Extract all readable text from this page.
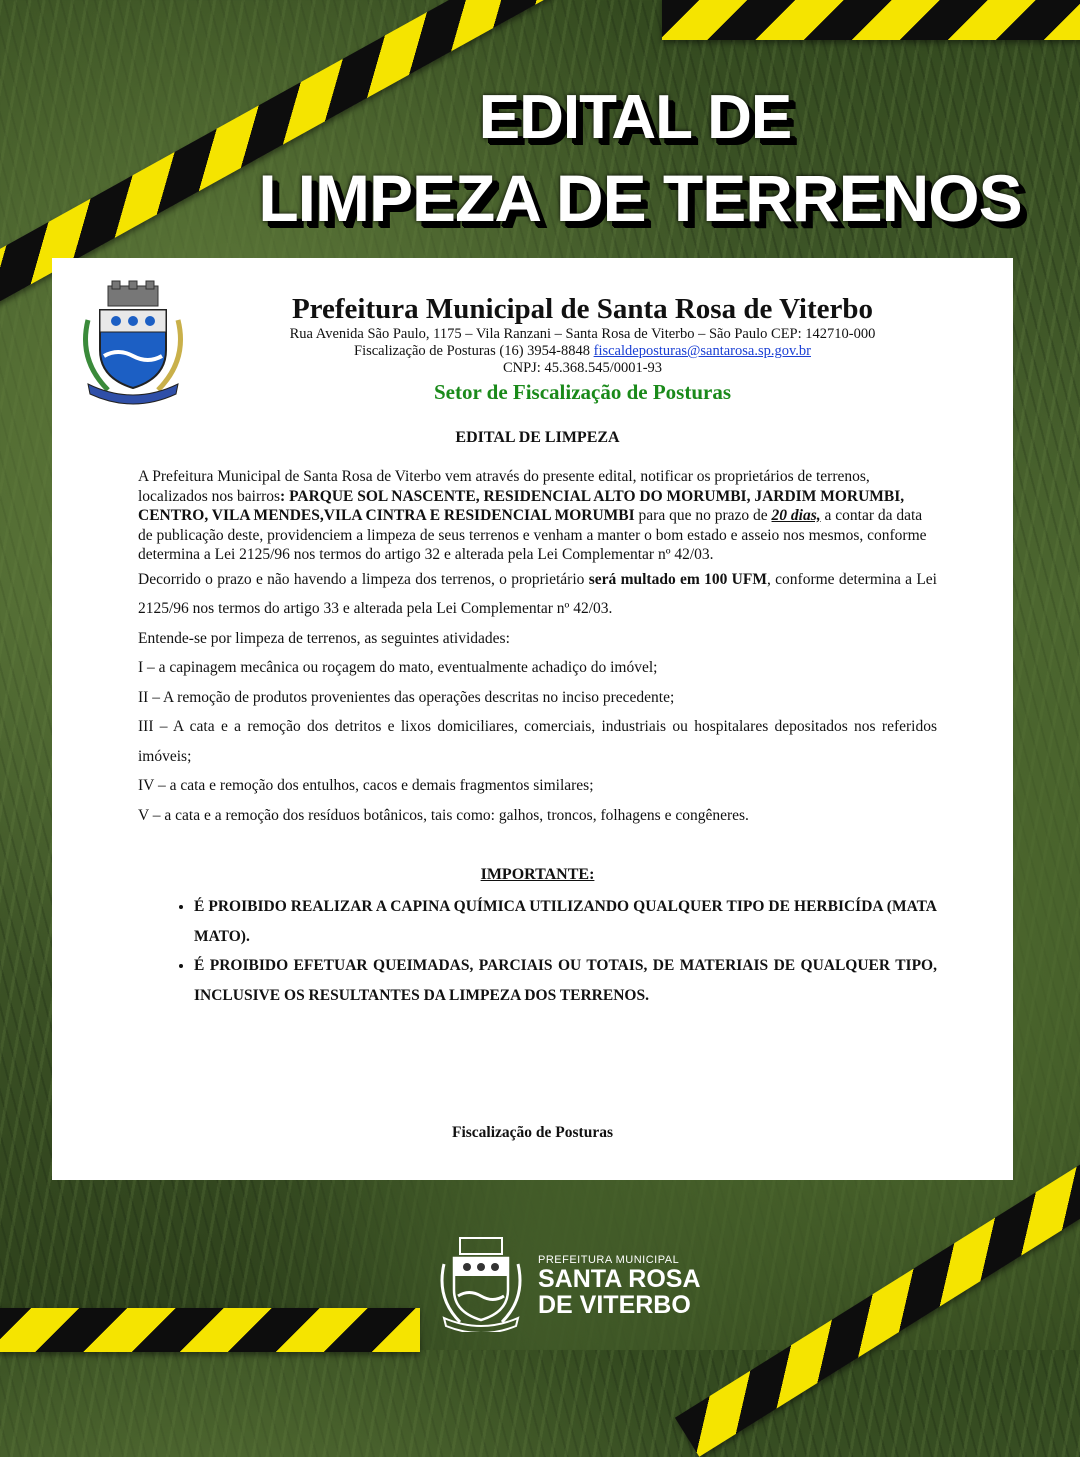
EDITAL DE
LIMPEZA DE TERRENOS
Prefeitura Municipal de Santa Rosa de Viterbo
Rua Avenida São Paulo, 1175 – Vila Ranzani – Santa Rosa de Viterbo – São Paulo CEP: 142710-000
Fiscalização de Posturas (16) 3954-8848 fiscaldeposturas@santarosa.sp.gov.br
CNPJ: 45.368.545/0001-93
Setor de Fiscalização de Posturas
EDITAL DE LIMPEZA

A Prefeitura Municipal de Santa Rosa de Viterbo vem através do presente edital, notificar os proprietários de terrenos, localizados nos bairros: PARQUE SOL NASCENTE, RESIDENCIAL ALTO DO MORUMBI, JARDIM MORUMBI, CENTRO, VILA MENDES,VILA CINTRA E RESIDENCIAL MORUMBI para que no prazo de 20 dias, a contar da data de publicação deste, providenciem a limpeza de seus terrenos e venham a manter o bom estado e asseio nos mesmos, conforme determina a Lei 2125/96 nos termos do artigo 32 e alterada pela Lei Complementar nº 42/03.

Decorrido o prazo e não havendo a limpeza dos terrenos, o proprietário será multado em 100 UFM, conforme determina a Lei 2125/96 nos termos do artigo 33 e alterada pela Lei Complementar nº 42/03.

Entende-se por limpeza de terrenos, as seguintes atividades:

I – a capinagem mecânica ou roçagem do mato, eventualmente achadiço do imóvel;

II – A remoção de produtos provenientes das operações descritas no inciso precedente;

III – A cata e a remoção dos detritos e lixos domiciliares, comerciais, industriais ou hospitalares depositados nos referidos imóveis;

IV – a cata e remoção dos entulhos, cacos e demais fragmentos similares;

V – a cata e a remoção dos resíduos botânicos, tais como: galhos, troncos, folhagens e congêneres.

IMPORTANTE:
• É PROIBIDO REALIZAR A CAPINA QUÍMICA UTILIZANDO QUALQUER TIPO DE HERBICÍDA (MATA MATO).
• É PROIBIDO EFETUAR QUEIMADAS, PARCIAIS OU TOTAIS, DE MATERIAIS DE QUALQUER TIPO, INCLUSIVE OS RESULTANTES DA LIMPEZA DOS TERRENOS.
Fiscalização de Posturas
PREFEITURA MUNICIPAL
SANTA ROSA
DE VITERBO
